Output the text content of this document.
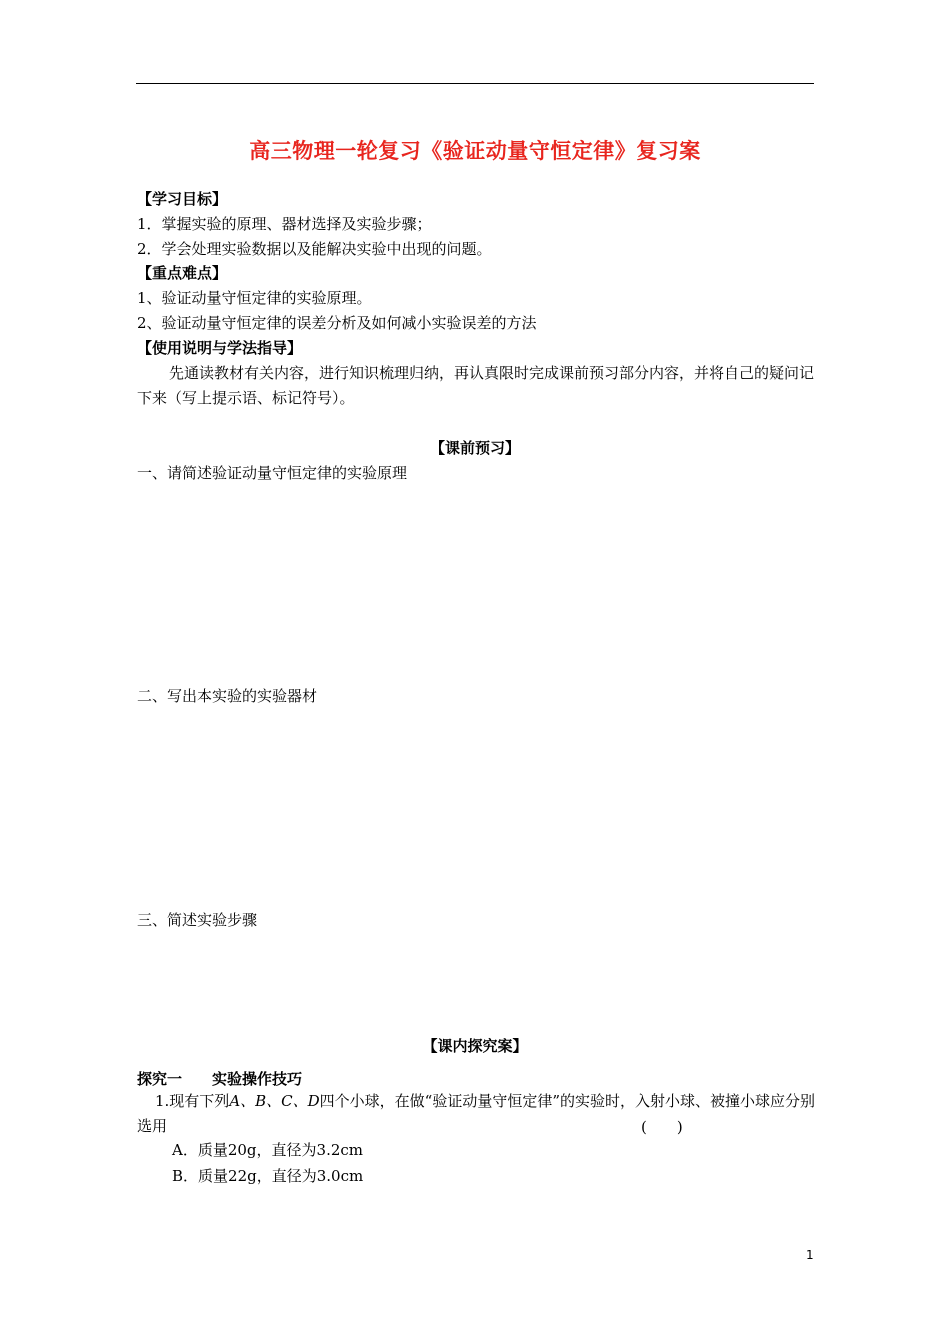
高三物理一轮复习《验证动量守恒定律》复习案
【学习目标】
1．掌握实验的原理、器材选择及实验步骤；
2．学会处理实验数据以及能解决实验中出现的问题。
【重点难点】
1、验证动量守恒定律的实验原理。
2、验证动量守恒定律的误差分析及如何减小实验误差的方法
【使用说明与学法指导】
先通读教材有关内容，进行知识梳理归纳，再认真限时完成课前预习部分内容，并将自己的疑问记下来（写上提示语、标记符号）。
【课前预习】
一、请简述验证动量守恒定律的实验原理
二、写出本实验的实验器材
三、简述实验步骤
【课内探究案】
探究一　　实验操作技巧
1.现有下列A、B、C、D四个小球，在做“验证动量守恒定律”的实验时，入射小球、被撞小球应分别选用	(　　)
A．质量20g，直径为3.2cm
B．质量22g，直径为3.0cm
1
